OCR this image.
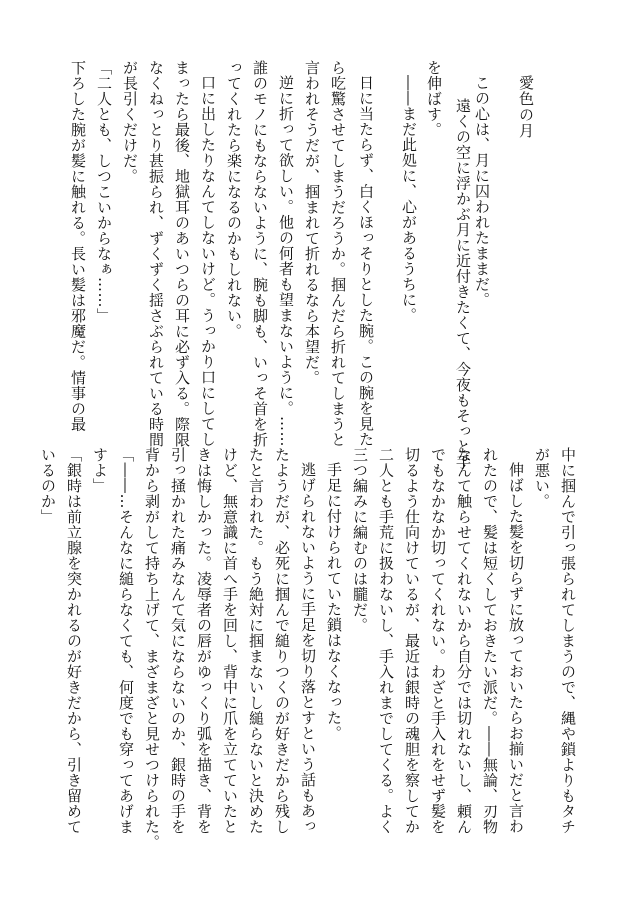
愛色の月
この心は、月に囚われたままだ。
遠くの空に浮かぶ月に近付きたくて、今夜もそっと手
を伸ばす。
――まだ此処に、心があるうちに。
日に当たらず、白くほっそりとした腕。この腕を見た
ら吃驚させてしまうだろうか。掴んだら折れてしまうと
言われそうだが、掴まれて折れるなら本望だ。
逆に折って欲しい。他の何者も望まないように。……
誰のモノにもならないように、腕も脚も、いっそ首を折
ってくれたら楽になるのかもしれない。
口に出したりなんてしないけど。うっかり口にしてし
まったら最後、地獄耳のあいつらの耳に必ず入る。際限
なくねっとり甚振られ、ずくずく揺さぶられている時間
が長引くだけだ。
「二人とも、しつこいからなぁ……」
下ろした腕が髪に触れる。長い髪は邪魔だ。情事の最
中に掴んで引っ張られてしまうので、縄や鎖よりもタチ
が悪い。
伸ばした髪を切らずに放っておいたらお揃いだと言わ
れたので、髪は短くしておきたい派だ。――無論、刃物
なんて触らせてくれないから自分では切れないし、頼ん
でもなかなか切ってくれない。わざと手入れをせず髪を
切るよう仕向けているが、最近は銀時の魂胆を察してか
二人とも手荒に扱わないし、手入れまでしてくる。よく
三つ編みに編むのは朧だ。
手足に付けられていた鎖はなくなった。
逃げられないように手足を切り落とすという話もあっ
たようだが、必死に掴んで縋りつくのが好きだから残し
たと言われた。もう絶対に掴まないし縋らないと決めた
けど、無意識に首へ手を回し、背中に爪を立てていたと
きは悔しかった。凌辱者の唇がゆっくり弧を描き、背を
引っ掻かれた痛みなんて気にならないのか、銀時の手を
背から剥がして持ち上げて、まざまざと見せつけられた。
「――…そんなに縋らなくても、何度でも穿ってあげま
すよ」
「銀時は前立腺を突かれるのが好きだから、引き留めて
いるのか」
